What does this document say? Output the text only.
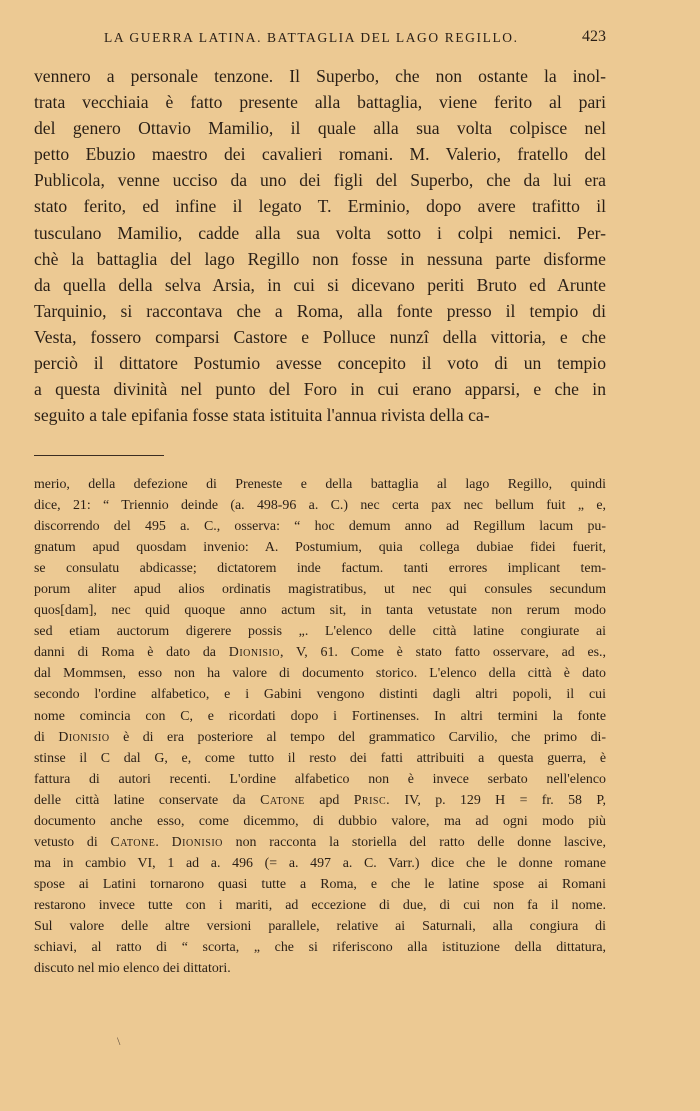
LA GUERRA LATINA. BATTAGLIA DEL LAGO REGILLO.	423
vennero a personale tenzone. Il Superbo, che non ostante la inol-
trata vecchiaia è fatto presente alla battaglia, viene ferito al pari
del genero Ottavio Mamilio, il quale alla sua volta colpisce nel
petto Ebuzio maestro dei cavalieri romani. M. Valerio, fratello del
Publicola, venne ucciso da uno dei figli del Superbo, che da lui era
stato ferito, ed infine il legato T. Erminio, dopo avere trafitto il
tusculano Mamilio, cadde alla sua volta sotto i colpi nemici. Per-
chè la battaglia del lago Regillo non fosse in nessuna parte disforme
da quella della selva Arsia, in cui si dicevano periti Bruto ed Arunte
Tarquinio, si raccontava che a Roma, alla fonte presso il tempio di
Vesta, fossero comparsi Castore e Polluce nunzî della vittoria, e che
perciò il dittatore Postumio avesse concepito il voto di un tempio
a questa divinità nel punto del Foro in cui erano apparsi, e che in
seguito a tale epifania fosse stata istituita l'annua rivista della ca-
merio, della defezione di Preneste e della battaglia al lago Regillo, quindi
dice, 21: “ Triennio deinde (a. 498-96 a. C.) nec certa pax nec bellum fuit „ e,
discorrendo del 495 a. C., osserva: “ hoc demum anno ad Regillum lacum pu-
gnatum apud quosdam invenio: A. Postumium, quia collega dubiae fidei fuerit,
se consulatu abdicasse; dictatorem inde factum. tanti errores implicant tem-
porum aliter apud alios ordinatis magistratibus, ut nec qui consules secundum
quos[dam], nec quid quoque anno actum sit, in tanta vetustate non rerum modo
sed etiam auctorum digerere possis „. L'elenco delle città latine congiurate ai
danni di Roma è dato da Dionisio, V, 61. Come è stato fatto osservare, ad es.,
dal Mommsen, esso non ha valore di documento storico. L'elenco della città è dato
secondo l'ordine alfabetico, e i Gabini vengono distinti dagli altri popoli, il cui
nome comincia con C, e ricordati dopo i Fortinenses. In altri termini la fonte
di Dionisio è di era posteriore al tempo del grammatico Carvilio, che primo di-
stinse il C dal G, e, come tutto il resto dei fatti attribuiti a questa guerra, è
fattura di autori recenti. L'ordine alfabetico non è invece serbato nell'elenco
delle città latine conservate da Catone apd Prisc. IV, p. 129 H = fr. 58 P,
documento anche esso, come dicemmo, di dubbio valore, ma ad ogni modo più
vetusto di Catone. Dionisio non racconta la storiella del ratto delle donne lascive,
ma in cambio VI, 1 ad a. 496 (= a. 497 a. C. Varr.) dice che le donne romane
spose ai Latini tornarono quasi tutte a Roma, e che le latine spose ai Romani
restarono invece tutte con i mariti, ad eccezione di due, di cui non fa il nome.
Sul valore delle altre versioni parallele, relative ai Saturnali, alla congiura di
schiavi, al ratto di “ scorta, „ che si riferiscono alla istituzione della dittatura,
discuto nel mio elenco dei dittatori.
\
